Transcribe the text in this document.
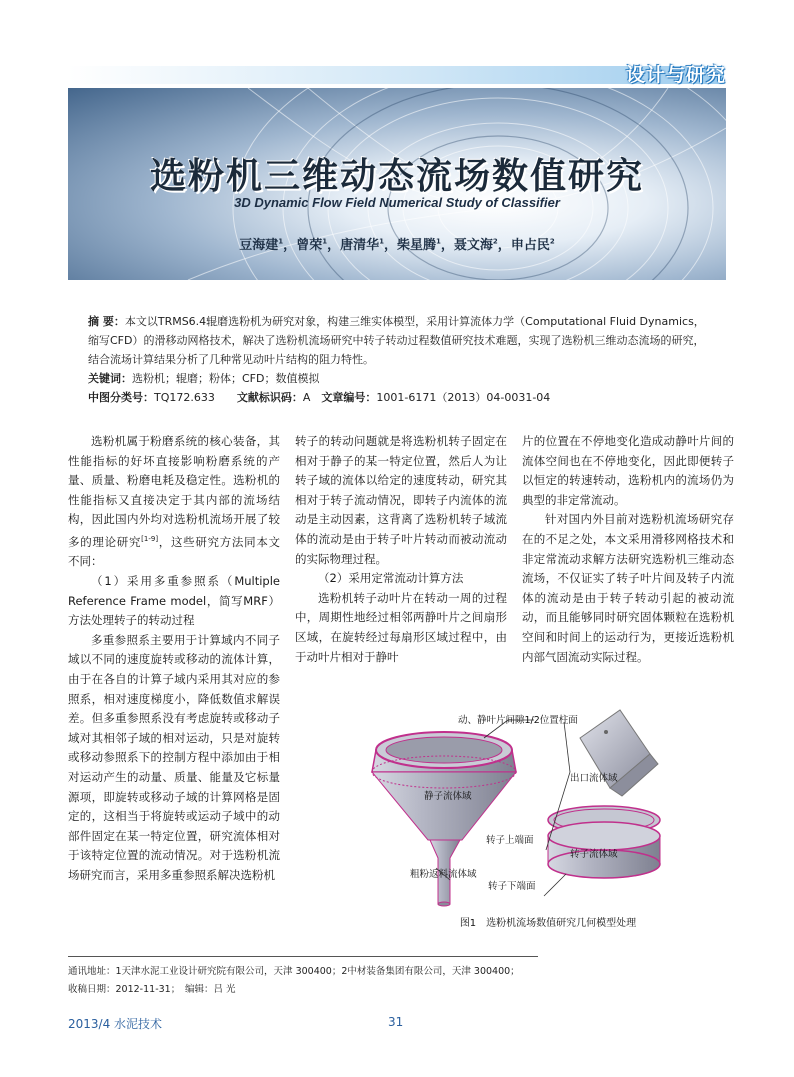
设计与研究
选粉机三维动态流场数值研究
3D Dynamic Flow Field Numerical Study of Classifier
豆海建$^1$，曾荣$^1$，唐清华$^1$，柴星腾$^1$，聂文海$^2$，申占民$^2$

摘 要：本文以TRMS6.4辊磨选粉机为研究对象，构建三维实体模型，采用计算流体力学（Computational Fluid Dynamics，缩写CFD）的滑移动网格技术，解决了选粉机流场研究中转子转动过程数值研究技术难题，实现了选粉机三维动态流场的研究，结合流场计算结果分析了几种常见动叶片结构的阻力特性。

关键词：选粉机；辊磨；粉体；CFD；数值模拟

中图分类号：TQ172.633　　 文献标识码：A　 文章编号：1001-6171（2013）04-0031-04

选粉机属于粉磨系统的核心装备，其性能指标的好坏直接影响粉磨系统的产量、质量、粉磨电耗及稳定性。选粉机的性能指标又直接决定于其内部的流场结构，因此国内外均对选粉机流场开展了较多的理论研究[1-9]，这些研究方法同本文不同：

（1）采用多重参照系（Multiple Reference Frame model，简写MRF）方法处理转子的转动过程

多重参照系主要用于计算域内不同子域以不同的速度旋转或移动的流体计算，由于在各自的计算子域内采用其对应的参照系，相对速度梯度小，降低数值求解误差。但多重参照系没有考虑旋转或移动子域对其相邻子域的相对运动，只是对旋转或移动参照系下的控制方程中添加由于相对运动产生的动量、质量、能量及它标量源项，即旋转或移动子域的计算网格是固定的，这相当于将旋转或运动子域中的动部件固定在某一特定位置，研究流体相对于该特定位置的流动情况。对于选粉机流场研究而言，采用多重参照系解决选粉机

转子的转动问题就是将选粉机转子固定在相对于静子的某一特定位置，然后人为让转子域的流体以给定的速度转动，研究其相对于转子流动情况，即转子内流体的流动是主动因素，这背离了选粉机转子域流体的流动是由于转子叶片转动而被动流动的实际物理过程。

（2）采用定常流动计算方法

选粉机转子动叶片在转动一周的过程中，周期性地经过相邻两静叶片之间扇形区域，在旋转经过每扇形区域过程中，由于动叶片相对于静叶

片的位置在不停地变化造成动静叶片间的流体空间也在不停地变化，因此即便转子以恒定的转速转动，选粉机内的流场仍为典型的非定常流动。

针对国内外目前对选粉机流场研究存在的不足之处，本文采用滑移网格技术和非定常流动求解方法研究选粉机三维动态流场，不仅证实了转子叶片间及转子内流体的流动是由于转子转动引起的被动流动，而且能够同时研究固体颗粒在选粉机空间和时间上的运动行为，更接近选粉机内部气固流动实际过程。

动、静叶片间隙1/2位置柱面
出口流体域
静子流体域
转子上端面
转子流体域
粗粉返料流体域
转子下端面
图1　选粉机流场数值研究几何模型处理
通讯地址：1天津水泥工业设计研究院有限公司，天津 300400；2中材装备集团有限公司，天津 300400；
收稿日期：2012-11-31；　编辑：吕 光
2013/4 水泥技术	31
